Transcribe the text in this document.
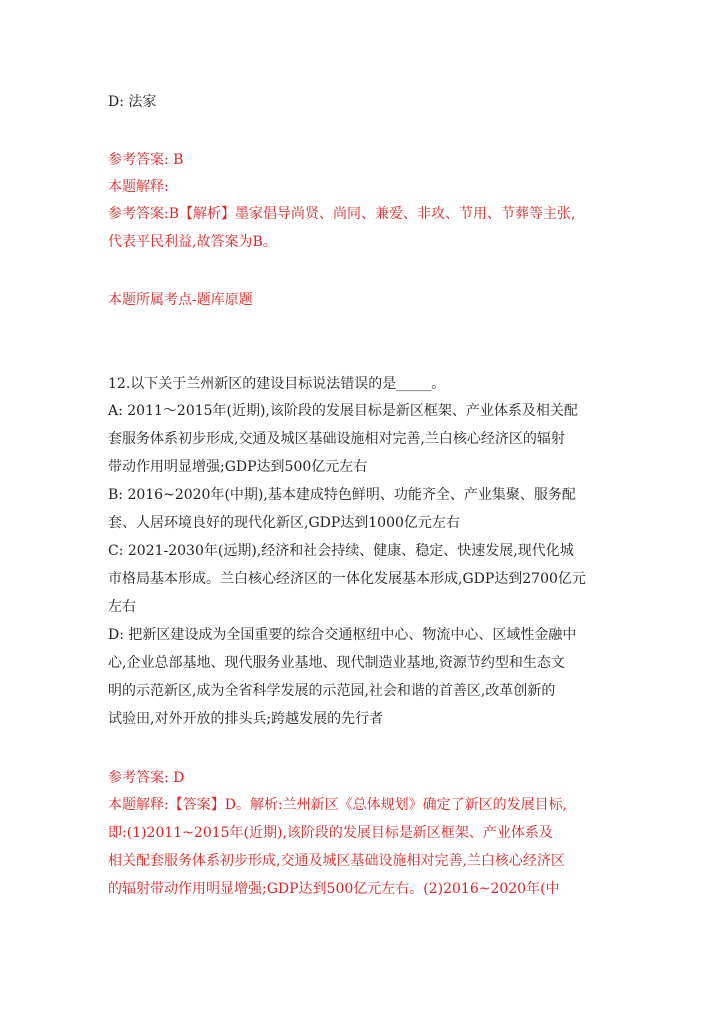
D: 法家
参考答案: B
本题解释:
参考答案:B【解析】墨家倡导尚贤、尚同、兼爱、非攻、节用、节葬等主张,
代表平民利益,故答案为B。
本题所属考点-题库原题
12.以下关于兰州新区的建设目标说法错误的是_____。
A: 2011～2015年(近期),该阶段的发展目标是新区框架、产业体系及相关配
套服务体系初步形成,交通及城区基础设施相对完善,兰白核心经济区的辐射
带动作用明显增强;GDP达到500亿元左右
B: 2016~2020年(中期),基本建成特色鲜明、功能齐全、产业集聚、服务配
套、人居环境良好的现代化新区,GDP达到1000亿元左右
C: 2021-2030年(远期),经济和社会持续、健康、稳定、快速发展,现代化城
市格局基本形成。兰白核心经济区的一体化发展基本形成,GDP达到2700亿元
左右
D: 把新区建设成为全国重要的综合交通枢纽中心、物流中心、区域性金融中
心,企业总部基地、现代服务业基地、现代制造业基地,资源节约型和生态文
明的示范新区,成为全省科学发展的示范园,社会和谐的首善区,改革创新的
试验田,对外开放的排头兵;跨越发展的先行者
参考答案: D
本题解释:【答案】D。解析:兰州新区《总体规划》确定了新区的发展目标,
即:(1)2011~2015年(近期),该阶段的发展目标是新区框架、产业体系及
相关配套服务体系初步形成,交通及城区基础设施相对完善,兰白核心经济区
的辐射带动作用明显增强;GDP达到500亿元左右。(2)2016~2020年(中
